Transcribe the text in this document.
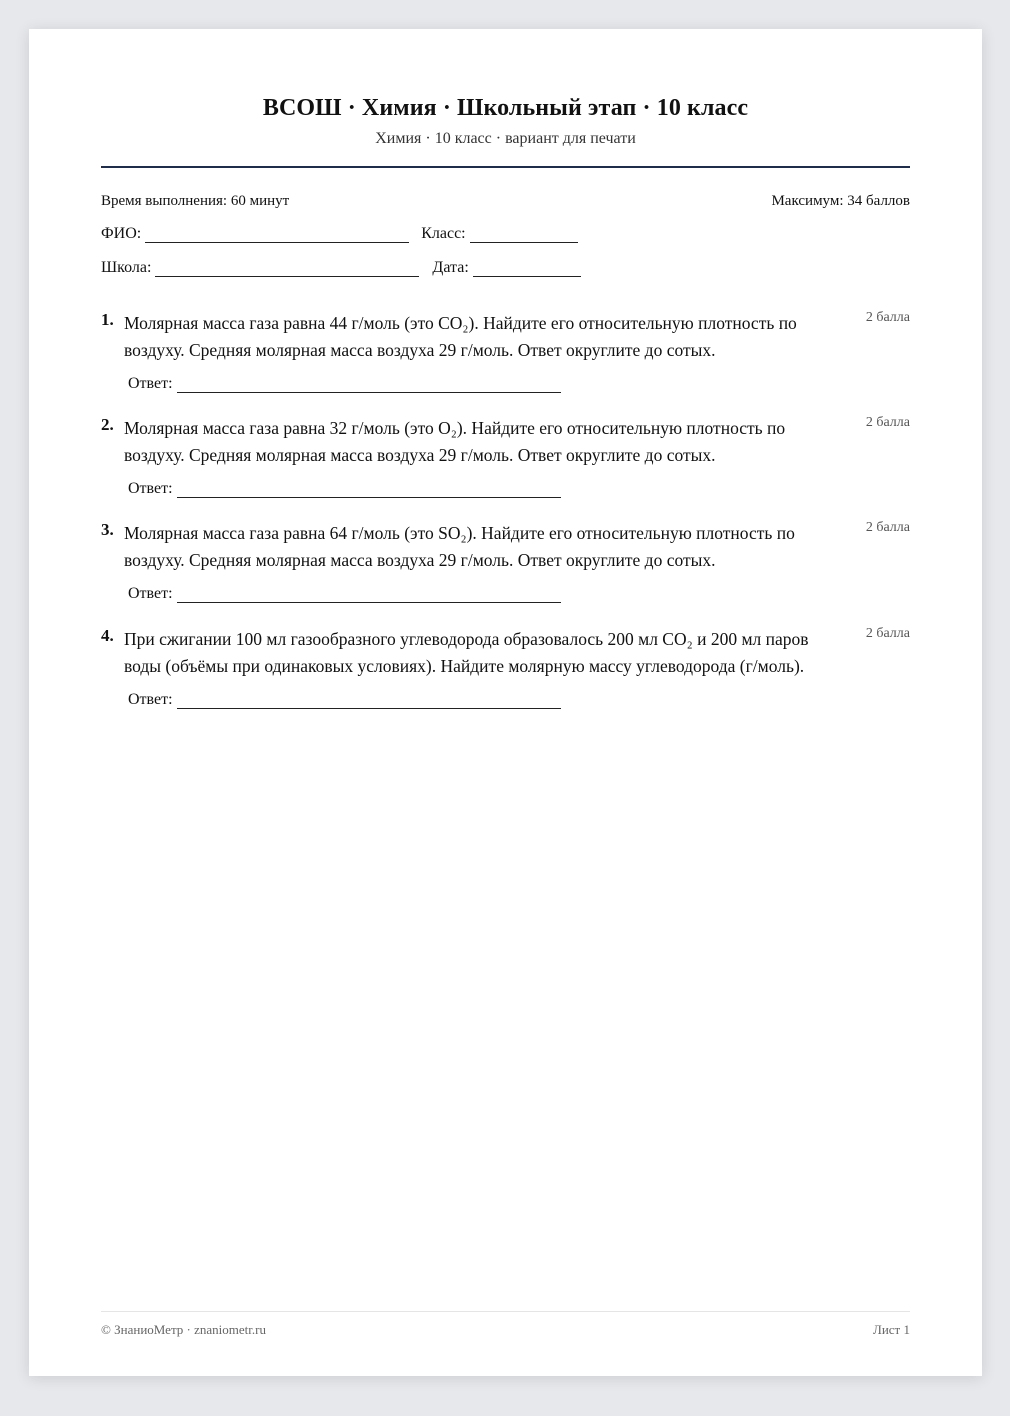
ВСОШ · Химия · Школьный этап · 10 класс
Химия · 10 класс · вариант для печати
Время выполнения: 60 минут	Максимум: 34 баллов
ФИО:	Класс:
Школа:	Дата:
1. Молярная масса газа равна 44 г/моль (это CO₂). Найдите его относительную плотность по воздуху. Средняя молярная масса воздуха 29 г/моль. Ответ округлите до сотых.
2 балла
Ответ:
2. Молярная масса газа равна 32 г/моль (это O₂). Найдите его относительную плотность по воздуху. Средняя молярная масса воздуха 29 г/моль. Ответ округлите до сотых.
2 балла
Ответ:
3. Молярная масса газа равна 64 г/моль (это SO₂). Найдите его относительную плотность по воздуху. Средняя молярная масса воздуха 29 г/моль. Ответ округлите до сотых.
2 балла
Ответ:
4. При сжигании 100 мл газообразного углеводорода образовалось 200 мл CO₂ и 200 мл паров воды (объёмы при одинаковых условиях). Найдите молярную массу углеводорода (г/моль).
2 балла
Ответ:
© ЗнаниоМетр · znaniometr.ru	Лист 1
